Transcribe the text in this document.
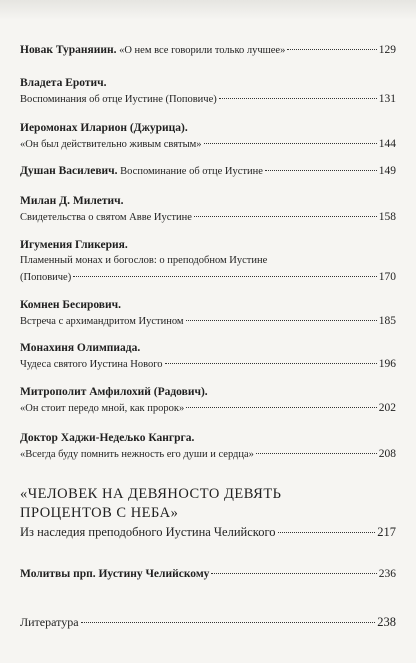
Новак Тураняиин. «О нем все говорили только лучшее»	129
Владета Еротич.
Воспоминания об отце Иустине (Поповиче)	131
Иеромонах Иларион (Джурица).
«Он был действительно живым святым»	144
Душан Василевич. Воспоминание об отце Иустине	149
Милан Д. Милетич.
Свидетельства о святом Авве Иустине	158
Игумения Гликерия.
Пламенный монах и богослов: о преподобном Иустине
(Поповиче)	170
Комнен Бесирович.
Встреча с архимандритом Иустином	185
Монахиня Олимпиада.
Чудеса святого Иустина Нового	196
Митрополит Амфилохий (Радович).
«Он стоит передо мной, как пророк»	202
Доктор Хаджи-Недељко Кангрга.
«Всегда буду помнить нежность его души и сердца»	208
«ЧЕЛОВЕК НА ДЕВЯНОСТО ДЕВЯТЬ
ПРОЦЕНТОВ С НЕБА»
Из наследия преподобного Иустина Челийского	217
Молитвы прп. Иустину Челийскому	236
Литература	238
